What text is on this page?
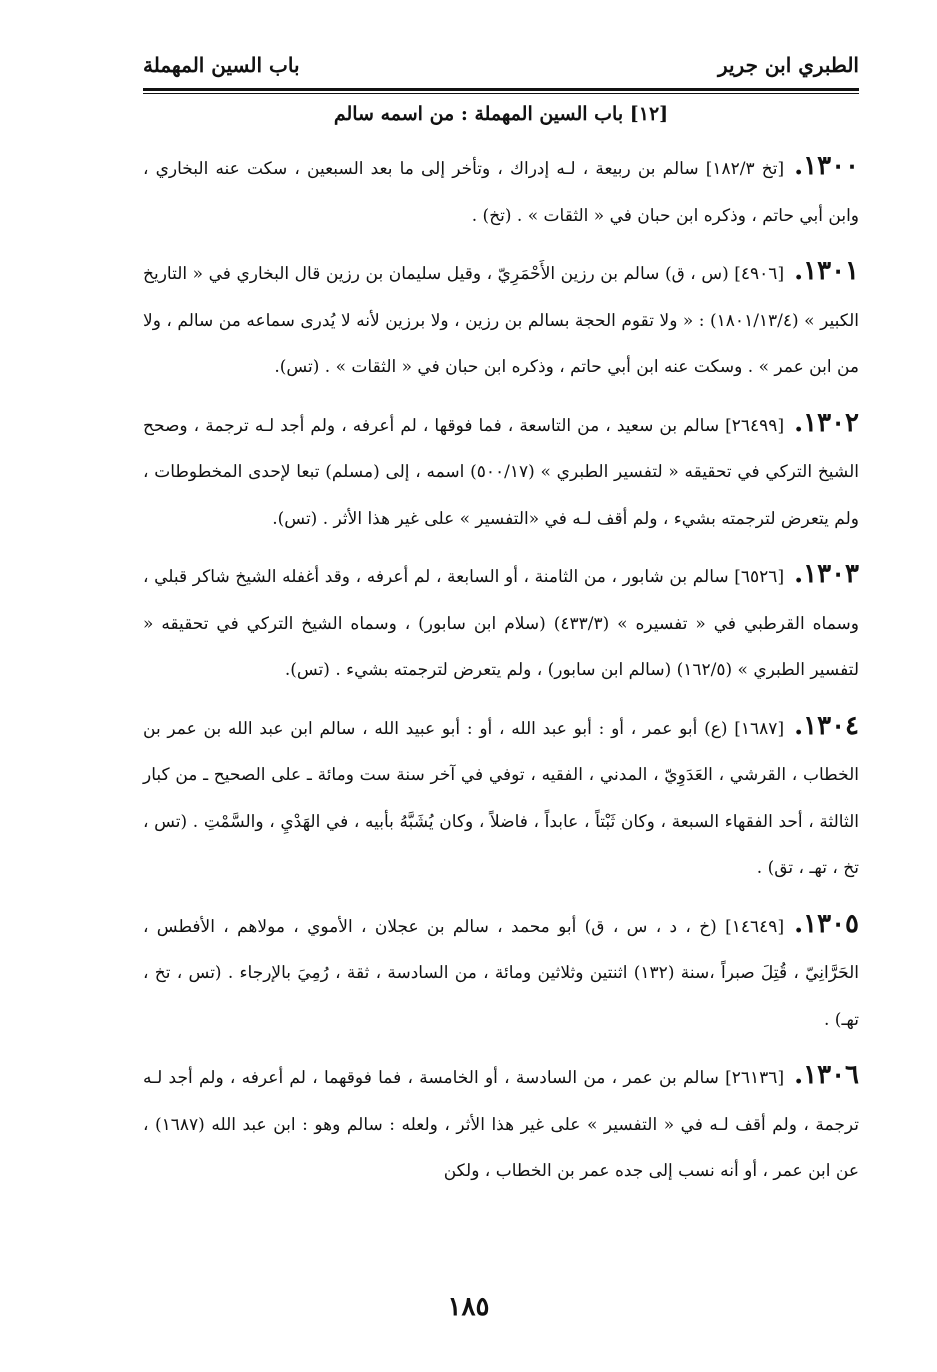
الطبري ابن جرير
باب السين المهملة
[١٢] باب السين المهملة : من اسمه سالم

١٣٠٠.[تخ ١٨٢/٣] سالم بن ربيعة ، لـه إدراك ، وتأخر إلى ما بعد السبعين ، سكت عنه البخاري ، وابن أبي حاتم ، وذكره ابن حبان في « الثقات » . (تخ) .

١٣٠١.[٤٩٠٦] (س ، ق) سالم بن رزين الأَحْمَرِيّ ، وقيل سليمان بن رزين قال البخاري في « التاريخ الكبير » (١٨٠١/١٣/٤) : « ولا تقوم الحجة بسالم بن رزين ، ولا برزين لأنه لا يُدرى سماعه من سالم ، ولا من ابن عمر » . وسكت عنه ابن أبي حاتم ، وذكره ابن حبان في « الثقات » . (تس).

١٣٠٢.[٢٦٤٩٩] سالم بن سعيد ، من التاسعة ، فما فوقها ، لم أعرفه ، ولم أجد لـه ترجمة ، وصحح الشيخ التركي في تحقيقه « لتفسير الطبري » (٥٠٠/١٧) اسمه ، إلى (مسلم) تبعا لإحدى المخطوطات ، ولم يتعرض لترجمته بشيء ، ولم أقف لـه في «التفسير » على غير هذا الأثر . (تس).

١٣٠٣.[٦٥٢٦] سالم بن شابور ، من الثامنة ، أو السابعة ، لم أعرفه ، وقد أغفله الشيخ شاكر قبلي ، وسماه القرطبي في « تفسيره » (٤٣٣/٣) (سلام ابن سابور) ، وسماه الشيخ التركي في تحقيقه « لتفسير الطبري » (١٦٢/٥) (سالم ابن سابور) ، ولم يتعرض لترجمته بشيء . (تس).

١٣٠٤.[١٦٨٧] (ع) أبو عمر ، أو : أبو عبد الله ، أو : أبو عبيد الله ، سالم ابن عبد الله بن عمر بن الخطاب ، القرشي ، العَدَوِيّ ، المدني ، الفقيه ، توفي في آخر سنة ست ومائة ـ على الصحيح ـ من كبار الثالثة ، أحد الفقهاء السبعة ، وكان ثَبْتاً ، عابداً ، فاضلاً ، وكان يُشَبَّهُ بأبيه ، في الهَدْيِ ، والسَّمْتِ . (تس ، تخ ، تهـ ، تق) .

١٣٠٥.[١٤٦٤٩] (خ ، د ، س ، ق) أبو محمد ، سالم بن عجلان ، الأموي ، مولاهم ، الأفطس ، الحَرَّانِيّ ، قُتِلَ صبراً ،سنة (١٣٢) اثنتين وثلاثين ومائة ، من السادسة ، ثقة ، رُمِيَ بالإرجاء . (تس ، تخ ، تهـ) .

١٣٠٦.[٢٦١٣٦] سالم بن عمر ، من السادسة ، أو الخامسة ، فما فوقهما ، لم أعرفه ، ولم أجد لـه ترجمة ، ولم أقف لـه في « التفسير » على غير هذا الأثر ، ولعله : سالم وهو : ابن عبد الله (١٦٨٧) ، عن ابن عمر ، أو أنه نسب إلى جده عمر بن الخطاب ، ولكن

١٨٥
